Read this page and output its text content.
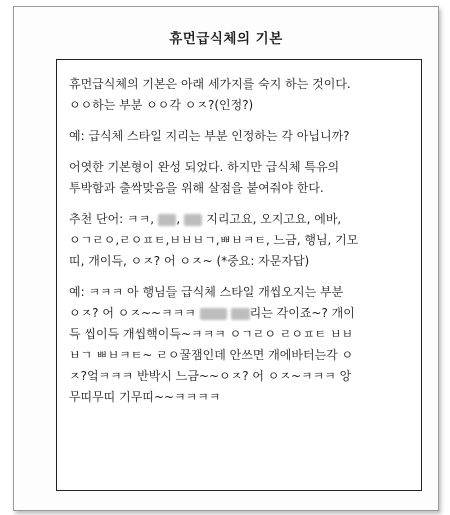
휴먼급식체의 기본
휴먼급식체의 기본은 아래 세가지를 숙지 하는 것이다.
ㅇㅇ하는 부분 ㅇㅇ각 ㅇㅈ?(인정?)
예: 급식체 스타일 지리는 부분 인정하는 각 아닙니까?
어엿한 기본형이 완성 되었다. 하지만 급식체 특유의
투박함과 출싹맞음을 위해 살점을 붙여줘야 한다.
추천 단어: ㅋㅋ, ,  지리고요, 오지고요, 에바,
ㅇㄱㄹㅇ,ㄹㅇㅍㅌ,ㅂㅂㅂㄱ,ㅃㅂㅋㅌ, 느금, 행님, 기모
띠, 개이득, ㅇㅈ? 어 ㅇㅈ~ (*중요: 자문자답)
예: ㅋㅋㅋ 아 행님들 급식체 스타일 개씹오지는 부분
ㅇㅈ? 어 ㅇㅈ~~ㅋㅋㅋ	리는 각이죠~? 개이
득 씹이득 개씹핵이득~ㅋㅋㅋ ㅇㄱㄹㅇ ㄹㅇㅍㅌ ㅂㅂ
ㅂㄱ ㅃㅂㅋㅌ~ ㄹㅇ꿀잼인데 안쓰면 개에바터는각 ㅇ
ㅈ?엌ㅋㅋㅋ 반박시 느금~~ㅇㅈ? 어 ㅇㅈ~ㅋㅋㅋ 앙
무띠무띠 기무띠~~ㅋㅋㅋㅋ
